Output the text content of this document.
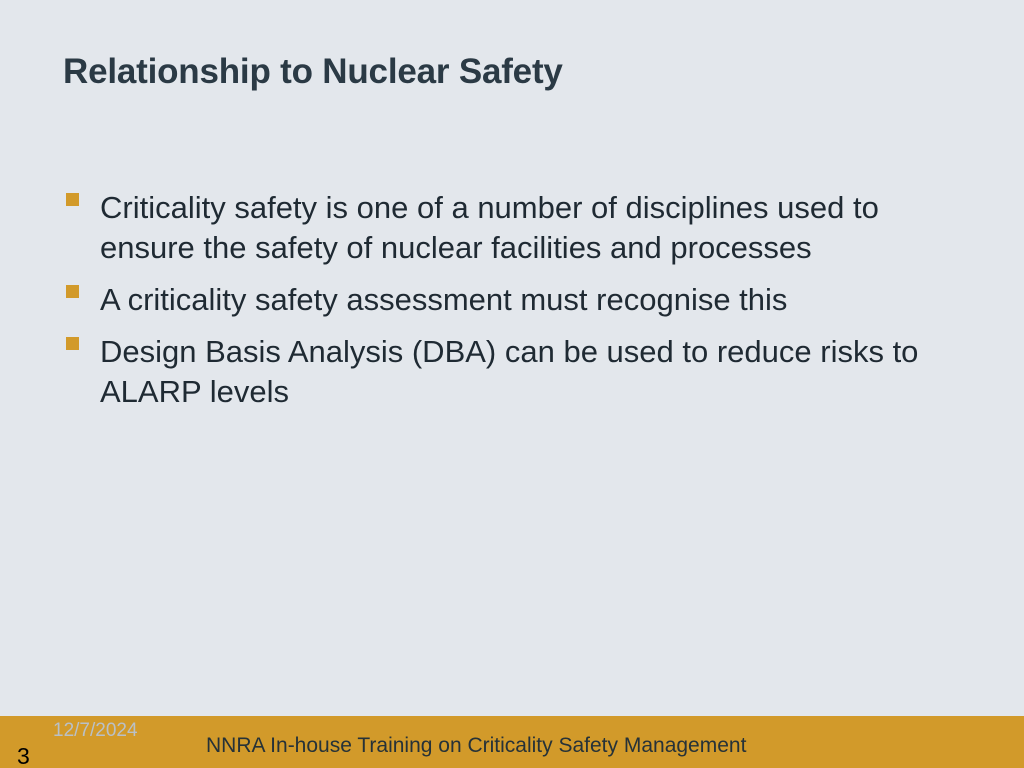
Relationship to Nuclear Safety
Criticality safety is one of a number of disciplines used to ensure the safety of nuclear facilities and processes
A criticality safety assessment must recognise this
Design Basis Analysis (DBA) can be used to reduce risks to ALARP levels
12/7/2024
NNRA In-house Training on Criticality Safety Management
3
